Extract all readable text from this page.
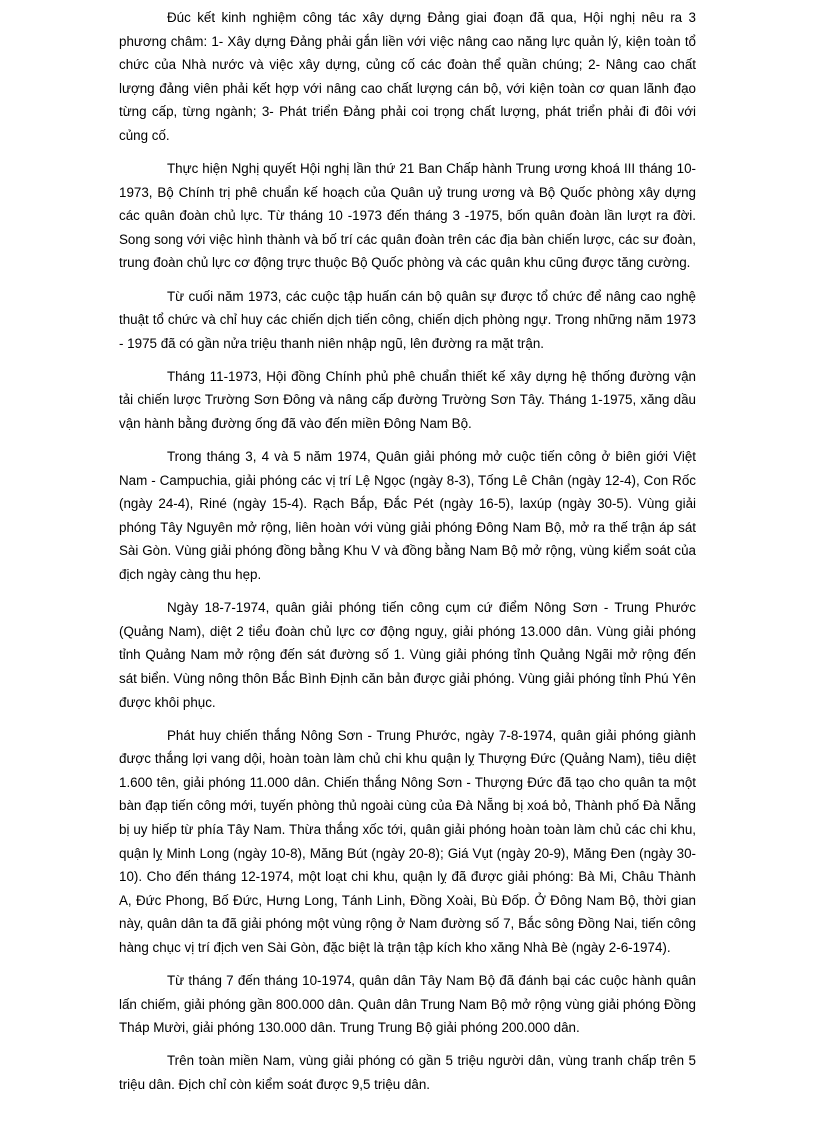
Đúc kết kinh nghiệm công tác xây dựng Đảng giai đoạn đã qua, Hội nghị nêu ra 3 phương châm: 1- Xây dựng Đảng phải gắn liền với việc nâng cao năng lực quản lý, kiện toàn tổ chức của Nhà nước và việc xây dựng, củng cố các đoàn thể quần chúng; 2- Nâng cao chất lượng đảng viên phải kết hợp với nâng cao chất lượng cán bộ, với kiện toàn cơ quan lãnh đạo từng cấp, từng ngành; 3- Phát triển Đảng phải coi trọng chất lượng, phát triển phải đi đôi với củng cố.

Thực hiện Nghị quyết Hội nghị lần thứ 21 Ban Chấp hành Trung ương khoá III tháng 10-1973, Bộ Chính trị phê chuẩn kế hoạch của Quân uỷ trung ương và Bộ Quốc phòng xây dựng các quân đoàn chủ lực. Từ tháng 10 -1973 đến tháng 3 -1975, bốn quân đoàn lần lượt ra đời. Song song với việc hình thành và bố trí các quân đoàn trên các địa bàn chiến lược, các sư đoàn, trung đoàn chủ lực cơ động trực thuộc Bộ Quốc phòng và các quân khu cũng được tăng cường.

Từ cuối năm 1973, các cuộc tập huấn cán bộ quân sự được tổ chức để nâng cao nghệ thuật tổ chức và chỉ huy các chiến dịch tiến công, chiến dịch phòng ngự. Trong những năm 1973 - 1975 đã có gần nửa triệu thanh niên nhập ngũ, lên đường ra mặt trận.

Tháng 11-1973, Hội đồng Chính phủ phê chuẩn thiết kế xây dựng hệ thống đường vận tải chiến lược Trường Sơn Đông và nâng cấp đường Trường Sơn Tây. Tháng 1-1975, xăng dầu vận hành bằng đường ống đã vào đến miền Đông Nam Bộ.

Trong tháng 3, 4 và 5 năm 1974, Quân giải phóng mở cuộc tiến công ở biên giới Việt Nam - Campuchia, giải phóng các vị trí Lệ Ngọc (ngày 8-3), Tống Lê Chân (ngày 12-4), Con Rốc (ngày 24-4), Riné (ngày 15-4). Rạch Bắp, Đắc Pét (ngày 16-5), laxúp (ngày 30-5). Vùng giải phóng Tây Nguyên mở rộng, liên hoàn với vùng giải phóng Đông Nam Bộ, mở ra thế trận áp sát Sài Gòn. Vùng giải phóng đồng bằng Khu V và đồng bằng Nam Bộ mở rộng, vùng kiểm soát của địch ngày càng thu hẹp.

Ngày 18-7-1974, quân giải phóng tiến công cụm cứ điểm Nông Sơn - Trung Phước (Quảng Nam), diệt 2 tiểu đoàn chủ lực cơ động nguỵ, giải phóng 13.000 dân. Vùng giải phóng tỉnh Quảng Nam mở rộng đến sát đường số 1. Vùng giải phóng tỉnh Quảng Ngãi mở rộng đến sát biển. Vùng nông thôn Bắc Bình Định căn bản được giải phóng. Vùng giải phóng tỉnh Phú Yên được khôi phục.

Phát huy chiến thắng Nông Sơn - Trung Phước, ngày 7-8-1974, quân giải phóng giành được thắng lợi vang dội, hoàn toàn làm chủ chi khu quận lỵ Thượng Đức (Quảng Nam), tiêu diệt 1.600 tên, giải phóng 11.000 dân. Chiến thắng Nông Sơn - Thượng Đức đã tạo cho quân ta một bàn đạp tiến công mới, tuyến phòng thủ ngoài cùng của Đà Nẵng bị xoá bỏ, Thành phố Đà Nẵng bị uy hiếp từ phía Tây Nam. Thừa thắng xốc tới, quân giải phóng hoàn toàn làm chủ các chi khu, quận lỵ Minh Long (ngày 10-8), Măng Bút (ngày 20-8); Giá Vụt (ngày 20-9), Măng Đen (ngày 30-10). Cho đến tháng 12-1974, một loạt chi khu, quận lỵ đã được giải phóng: Bà Mi, Châu Thành A, Đức Phong, Bố Đức, Hưng Long, Tánh Linh, Đồng Xoài, Bù Đốp. Ở Đông Nam Bộ, thời gian này, quân dân ta đã giải phóng một vùng rộng ở Nam đường số 7, Bắc sông Đồng Nai, tiến công hàng chục vị trí địch ven Sài Gòn, đặc biệt là trận tập kích kho xăng Nhà Bè (ngày 2-6-1974).

Từ tháng 7 đến tháng 10-1974, quân dân Tây Nam Bộ đã đánh bại các cuộc hành quân lấn chiếm, giải phóng gần 800.000 dân. Quân dân Trung Nam Bộ mở rộng vùng giải phóng Đồng Tháp Mười, giải phóng 130.000 dân. Trung Trung Bộ giải phóng 200.000 dân.

Trên toàn miền Nam, vùng giải phóng có gần 5 triệu người dân, vùng tranh chấp trên 5 triệu dân. Địch chỉ còn kiểm soát được 9,5 triệu dân.
